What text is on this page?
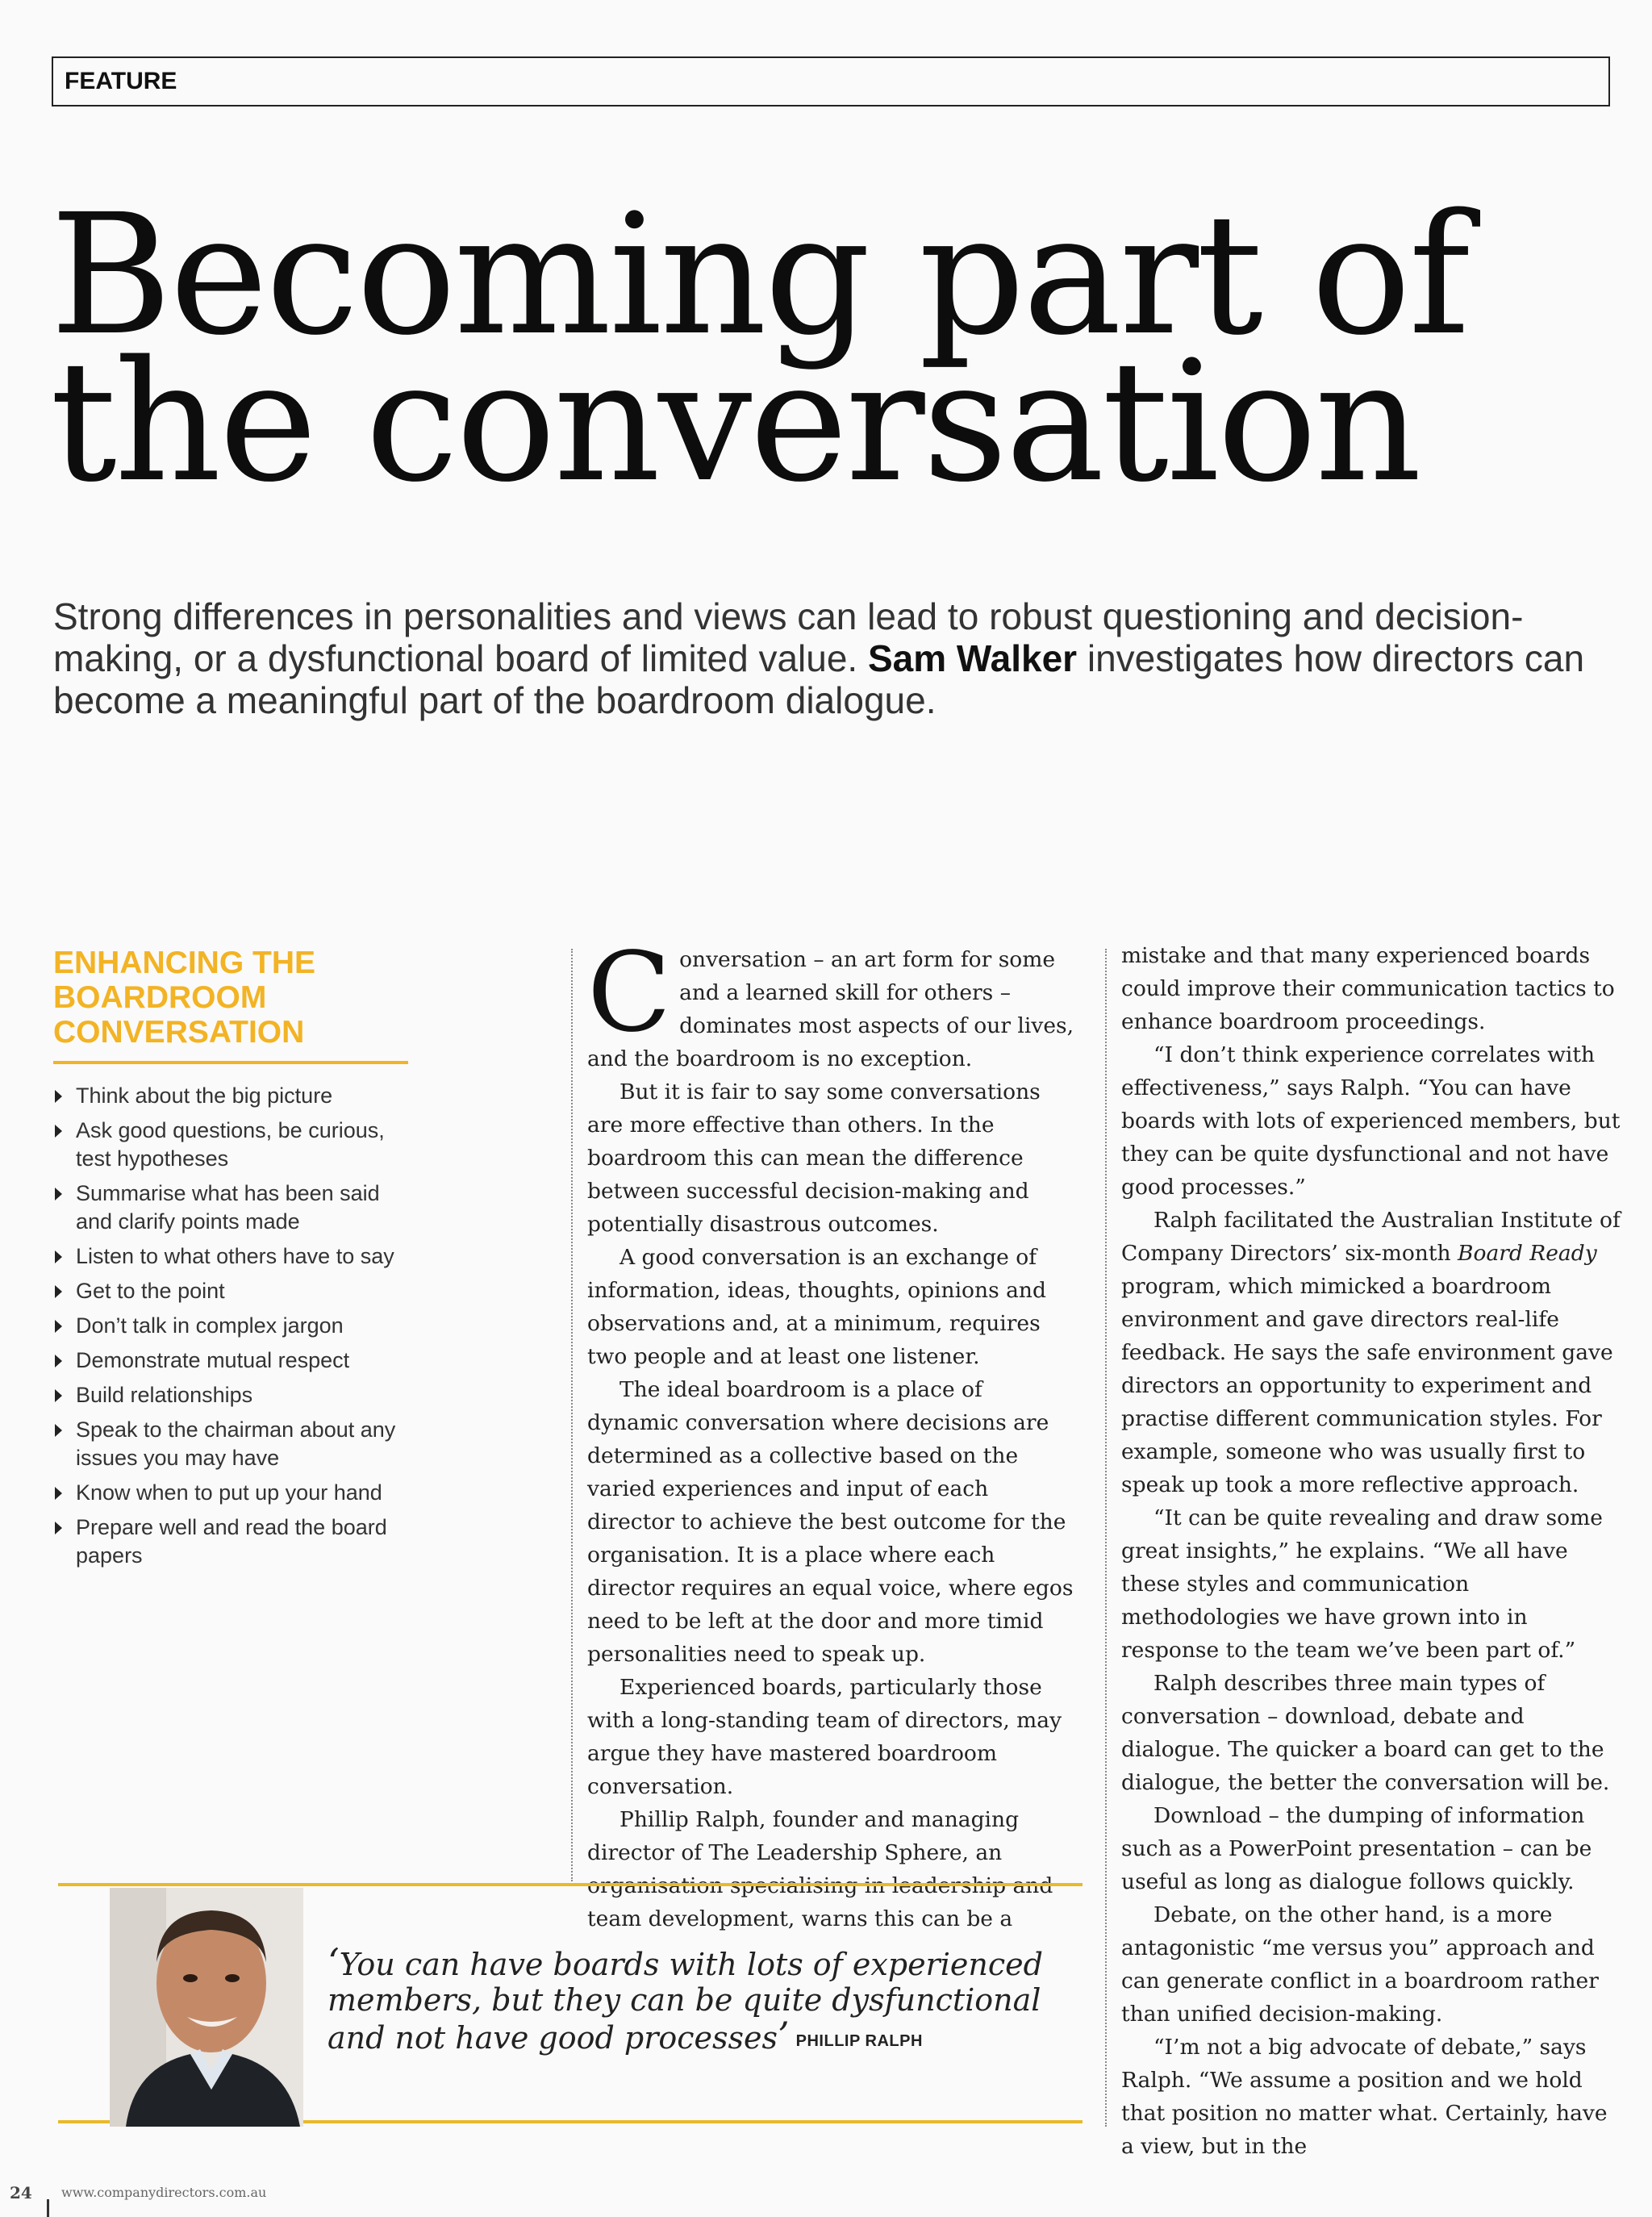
FEATURE
Becoming part of
the conversation

Strong differences in personalities and views can lead to robust questioning and decision-making, or a dysfunctional board of limited value. Sam Walker investigates how directors can become a meaningful part of the boardroom dialogue.

ENHANCING THE BOARDROOM CONVERSATION
Think about the big picture
Ask good questions, be curious, test hypotheses
Summarise what has been said and clarify points made
Listen to what others have to say
Get to the point
Don’t talk in complex jargon
Demonstrate mutual respect
Build relationships
Speak to the chairman about any issues you may have
Know when to put up your hand
Prepare well and read the board papers

Conversation – an art form for some and a learned skill for others – dominates most aspects of our lives, and the boardroom is no exception.

But it is fair to say some conversations are more effective than others. In the boardroom this can mean the difference between successful decision-making and potentially disastrous outcomes.

A good conversation is an exchange of information, ideas, thoughts, opinions and observations and, at a minimum, requires two people and at least one listener.

The ideal boardroom is a place of dynamic conversation where decisions are determined as a collective based on the varied experiences and input of each director to achieve the best outcome for the organisation. It is a place where each director requires an equal voice, where egos need to be left at the door and more timid personalities need to speak up.

Experienced boards, particularly those with a long-standing team of directors, may argue they have mastered boardroom conversation.

Phillip Ralph, founder and managing director of The Leadership Sphere, an team development, warns this can be a

mistake and that many experienced boards could improve their communication tactics to enhance boardroom proceedings.

“I don’t think experience correlates with effectiveness,” says Ralph. “You can have boards with lots of experienced members, but they can be quite dysfunctional and not have good processes.”

Ralph facilitated the Australian Institute of Company Directors’ six-month Board Ready program, which mimicked a boardroom environment and gave directors real-life feedback. He says the safe environment gave directors an opportunity to experiment and practise different communication styles. For example, someone who was usually first to speak up took a more reflective approach.

“It can be quite revealing and draw some great insights,” he explains. “We all have these styles and communication methodologies we have grown into in response to the team we’ve been part of.”

Ralph describes three main types of conversation – download, debate and dialogue. The quicker a board can get to the dialogue, the better the conversation will be.

Download – the dumping of information such as a PowerPoint presentation – can be useful as long as dialogue follows quickly.

Debate, on the other hand, is a more antagonistic “me versus you” approach and can generate conflict in a boardroom rather than unified decision-making.

“I’m not a big advocate of debate,” says Ralph. “We assume a position and we hold that position no matter what. Certainly, have a view, but in the

‘You can have boards with lots of experienced members, but they can be quite dysfunctional and not have good processes’ PHILLIP RALPH
24 www.companydirectors.com.au
